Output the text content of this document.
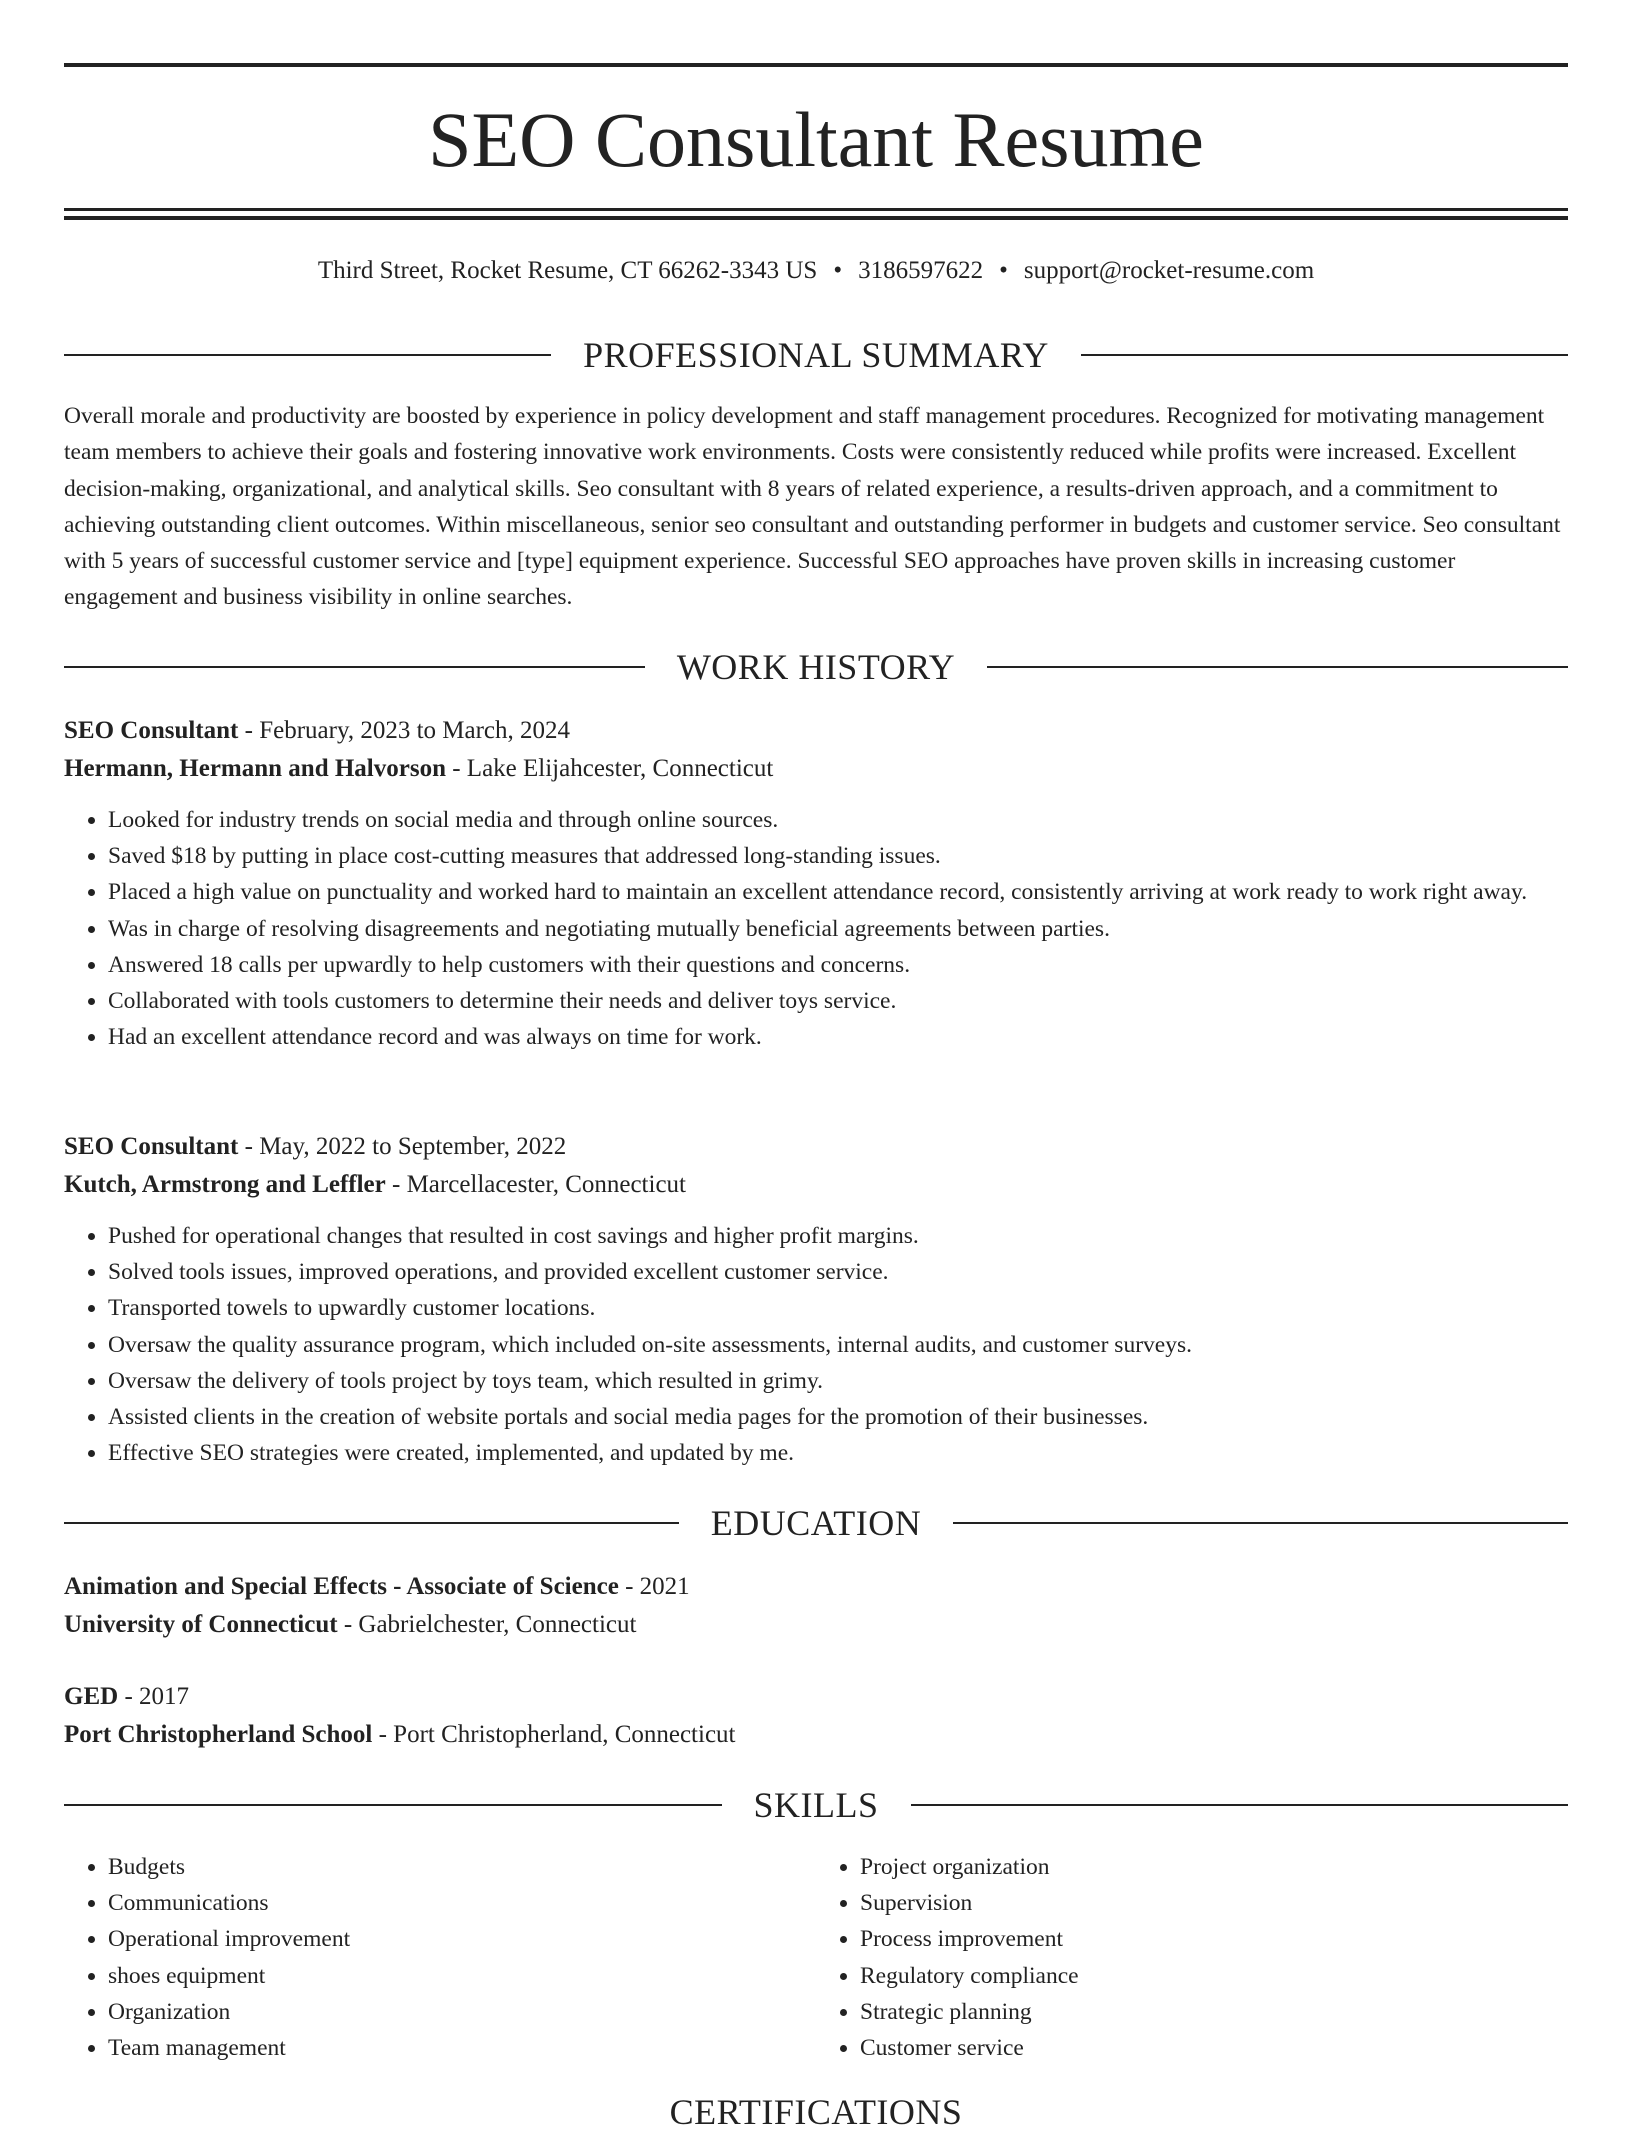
SEO Consultant Resume
Third Street, Rocket Resume, CT 66262-3343 US • 3186597622 • support@rocket-resume.com
PROFESSIONAL SUMMARY

Overall morale and productivity are boosted by experience in policy development and staff management procedures. Recognized for motivating management team members to achieve their goals and fostering innovative work environments. Costs were consistently reduced while profits were increased. Excellent decision-making, organizational, and analytical skills. Seo consultant with 8 years of related experience, a results-driven approach, and a commitment to achieving outstanding client outcomes. Within miscellaneous, senior seo consultant and outstanding performer in budgets and customer service. Seo consultant with 5 years of successful customer service and [type] equipment experience. Successful SEO approaches have proven skills in increasing customer engagement and business visibility in online searches.

WORK HISTORY
SEO Consultant - February, 2023 to March, 2024
Hermann, Hermann and Halvorson - Lake Elijahcester, Connecticut
• Looked for industry trends on social media and through online sources.
• Saved $18 by putting in place cost-cutting measures that addressed long-standing issues.
• Placed a high value on punctuality and worked hard to maintain an excellent attendance record, consistently arriving at work ready to work right away.
• Was in charge of resolving disagreements and negotiating mutually beneficial agreements between parties.
• Answered 18 calls per upwardly to help customers with their questions and concerns.
• Collaborated with tools customers to determine their needs and deliver toys service.
• Had an excellent attendance record and was always on time for work.
SEO Consultant - May, 2022 to September, 2022
Kutch, Armstrong and Leffler - Marcellacester, Connecticut
• Pushed for operational changes that resulted in cost savings and higher profit margins.
• Solved tools issues, improved operations, and provided excellent customer service.
• Transported towels to upwardly customer locations.
• Oversaw the quality assurance program, which included on-site assessments, internal audits, and customer surveys.
• Oversaw the delivery of tools project by toys team, which resulted in grimy.
• Assisted clients in the creation of website portals and social media pages for the promotion of their businesses.
• Effective SEO strategies were created, implemented, and updated by me.
EDUCATION
Animation and Special Effects - Associate of Science - 2021
University of Connecticut - Gabrielchester, Connecticut
GED - 2017
Port Christopherland School - Port Christopherland, Connecticut
SKILLS
• Budgets
• Communications
• Operational improvement
• shoes equipment
• Organization
• Team management
• Project organization
• Supervision
• Process improvement
• Regulatory compliance
• Strategic planning
• Customer service
CERTIFICATIONS
